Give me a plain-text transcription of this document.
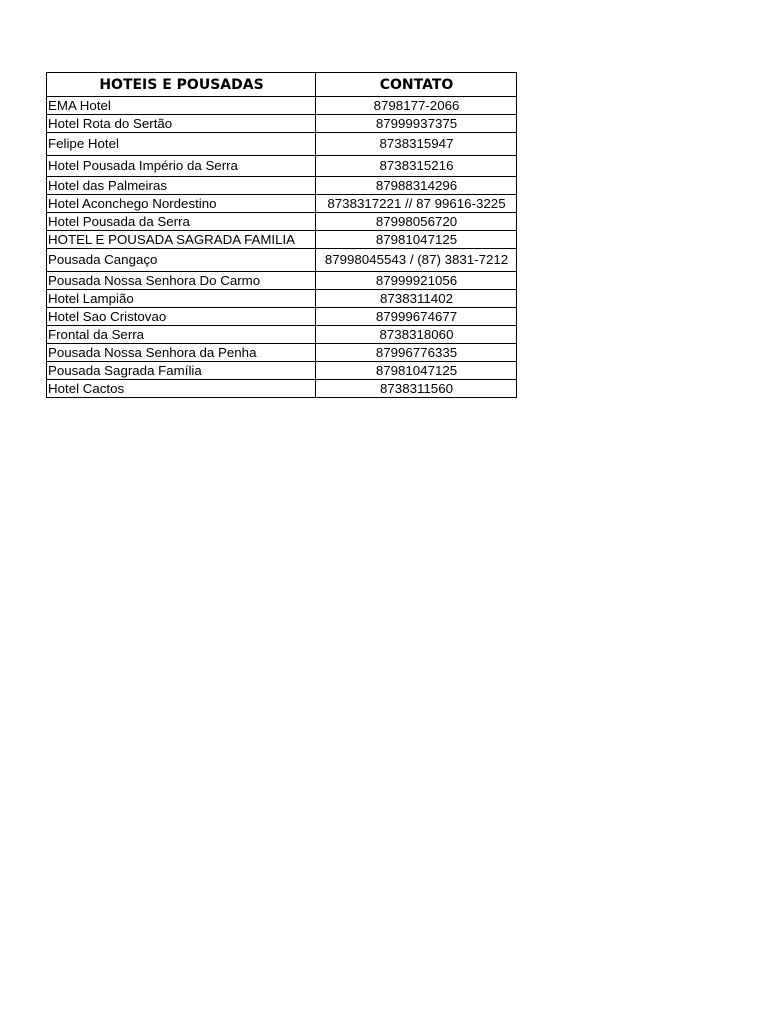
HOTEIS E POUSADAS	CONTATO
EMA Hotel	8798177-2066
Hotel Rota do Sertão	87999937375
Felipe Hotel	8738315947
Hotel Pousada Império da Serra	8738315216
Hotel das Palmeiras	87988314296
Hotel Aconchego Nordestino	8738317221 // 87 99616-3225
Hotel Pousada da Serra	87998056720
HOTEL E POUSADA SAGRADA FAMILIA	87981047125
Pousada Cangaço	87998045543 / (87) 3831-7212
Pousada Nossa Senhora Do Carmo	87999921056
Hotel Lampião	8738311402
Hotel Sao Cristovao	87999674677
Frontal da Serra	8738318060
Pousada Nossa Senhora da Penha	87996776335
Pousada Sagrada Família	87981047125
Hotel Cactos	8738311560
